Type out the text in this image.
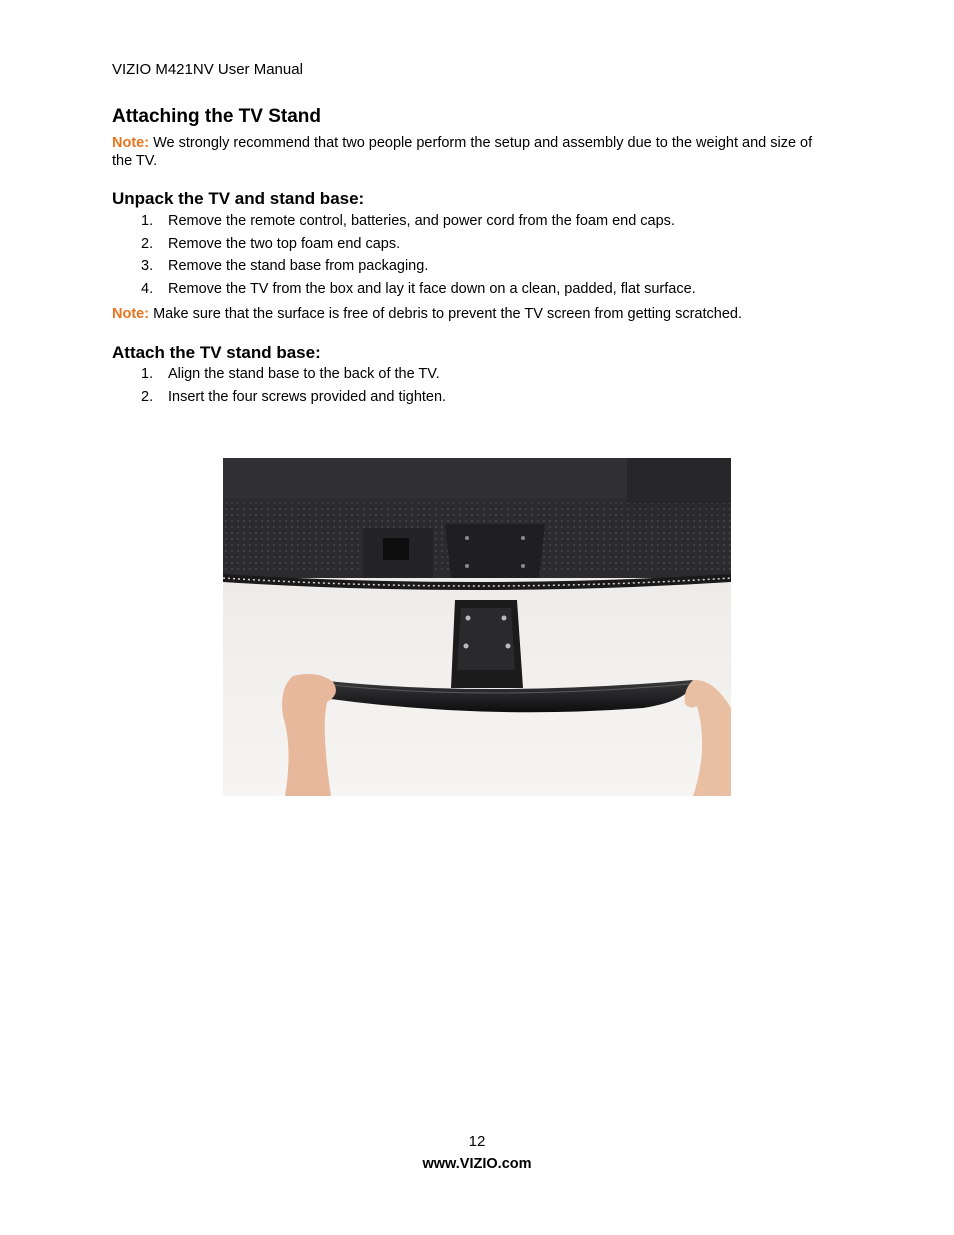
VIZIO M421NV User Manual
Attaching the TV Stand
Note: We strongly recommend that two people perform the setup and assembly due to the weight and size of the TV.
Unpack the TV and stand base:
1.	Remove the remote control, batteries, and power cord from the foam end caps.
2.	Remove the two top foam end caps.
3.	Remove the stand base from packaging.
4.	Remove the TV from the box and lay it face down on a clean, padded, flat surface.
Note: Make sure that the surface is free of debris to prevent the TV screen from getting scratched.
Attach the TV stand base:
1.	Align the stand base to the back of the TV.
2.	Insert the four screws provided and tighten.
12
www.VIZIO.com
